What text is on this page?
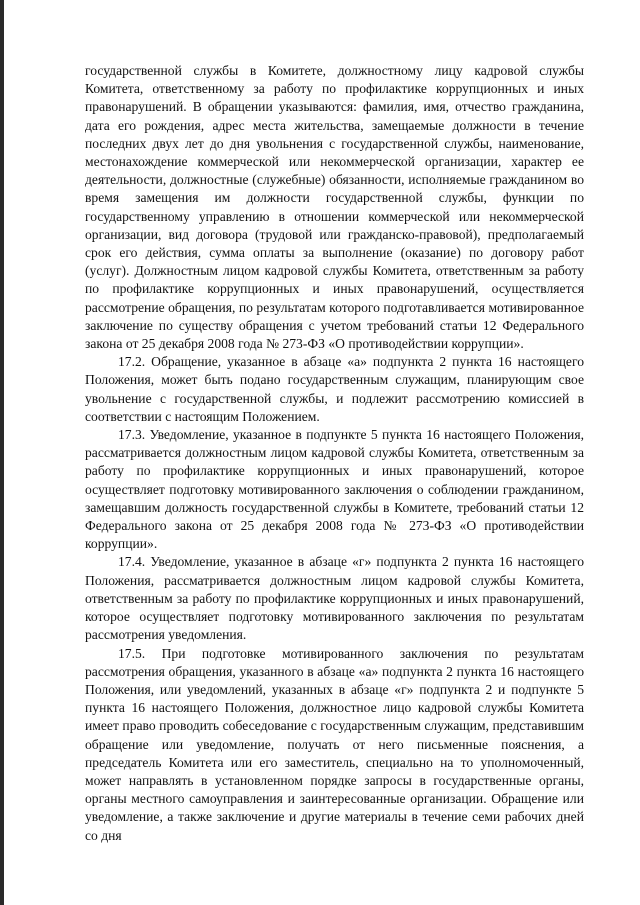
государственной службы в Комитете, должностному лицу кадровой службы Комитета, ответственному за работу по профилактике коррупционных и иных правонарушений. В обращении указываются: фамилия, имя, отчество гражданина, дата его рождения, адрес места жительства, замещаемые должности в течение последних двух лет до дня увольнения с государственной службы, наименование, местонахождение коммерческой или некоммерческой организации, характер ее деятельности, должностные (служебные) обязанности, исполняемые гражданином во время замещения им должности государственной службы, функции по государственному управлению в отношении коммерческой или некоммерческой организации, вид договора (трудовой или гражданско-правовой), предполагаемый срок его действия, сумма оплаты за выполнение (оказание) по договору работ (услуг). Должностным лицом кадровой службы Комитета, ответственным за работу по профилактике коррупционных и иных правонарушений, осуществляется рассмотрение обращения, по результатам которого подготавливается мотивированное заключение по существу обращения с учетом требований статьи 12 Федерального закона от 25 декабря 2008 года № 273-ФЗ «О противодействии коррупции».

17.2. Обращение, указанное в абзаце «а» подпункта 2 пункта 16 настоящего Положения, может быть подано государственным служащим, планирующим свое увольнение с государственной службы, и подлежит рассмотрению комиссией в соответствии с настоящим Положением.

17.3. Уведомление, указанное в подпункте 5 пункта 16 настоящего Положения, рассматривается должностным лицом кадровой службы Комитета, ответственным за работу по профилактике коррупционных и иных правонарушений, которое осуществляет подготовку мотивированного заключения о соблюдении гражданином, замещавшим должность государственной службы в Комитете, требований статьи 12 Федерального закона от 25 декабря 2008 года № 273-ФЗ «О противодействии коррупции».

17.4. Уведомление, указанное в абзаце «г» подпункта 2 пункта 16 настоящего Положения, рассматривается должностным лицом кадровой службы Комитета, ответственным за работу по профилактике коррупционных и иных правонарушений, которое осуществляет подготовку мотивированного заключения по результатам рассмотрения уведомления.

17.5. При подготовке мотивированного заключения по результатам рассмотрения обращения, указанного в абзаце «а» подпункта 2 пункта 16 настоящего Положения, или уведомлений, указанных в абзаце «г» подпункта 2 и подпункте 5 пункта 16 настоящего Положения, должностное лицо кадровой службы Комитета имеет право проводить собеседование с государственным служащим, представившим обращение или уведомление, получать от него письменные пояснения, а председатель Комитета или его заместитель, специально на то уполномоченный, может направлять в установленном порядке запросы в государственные органы, органы местного самоуправления и заинтересованные организации. Обращение или уведомление, а также заключение и другие материалы в течение семи рабочих дней со дня
